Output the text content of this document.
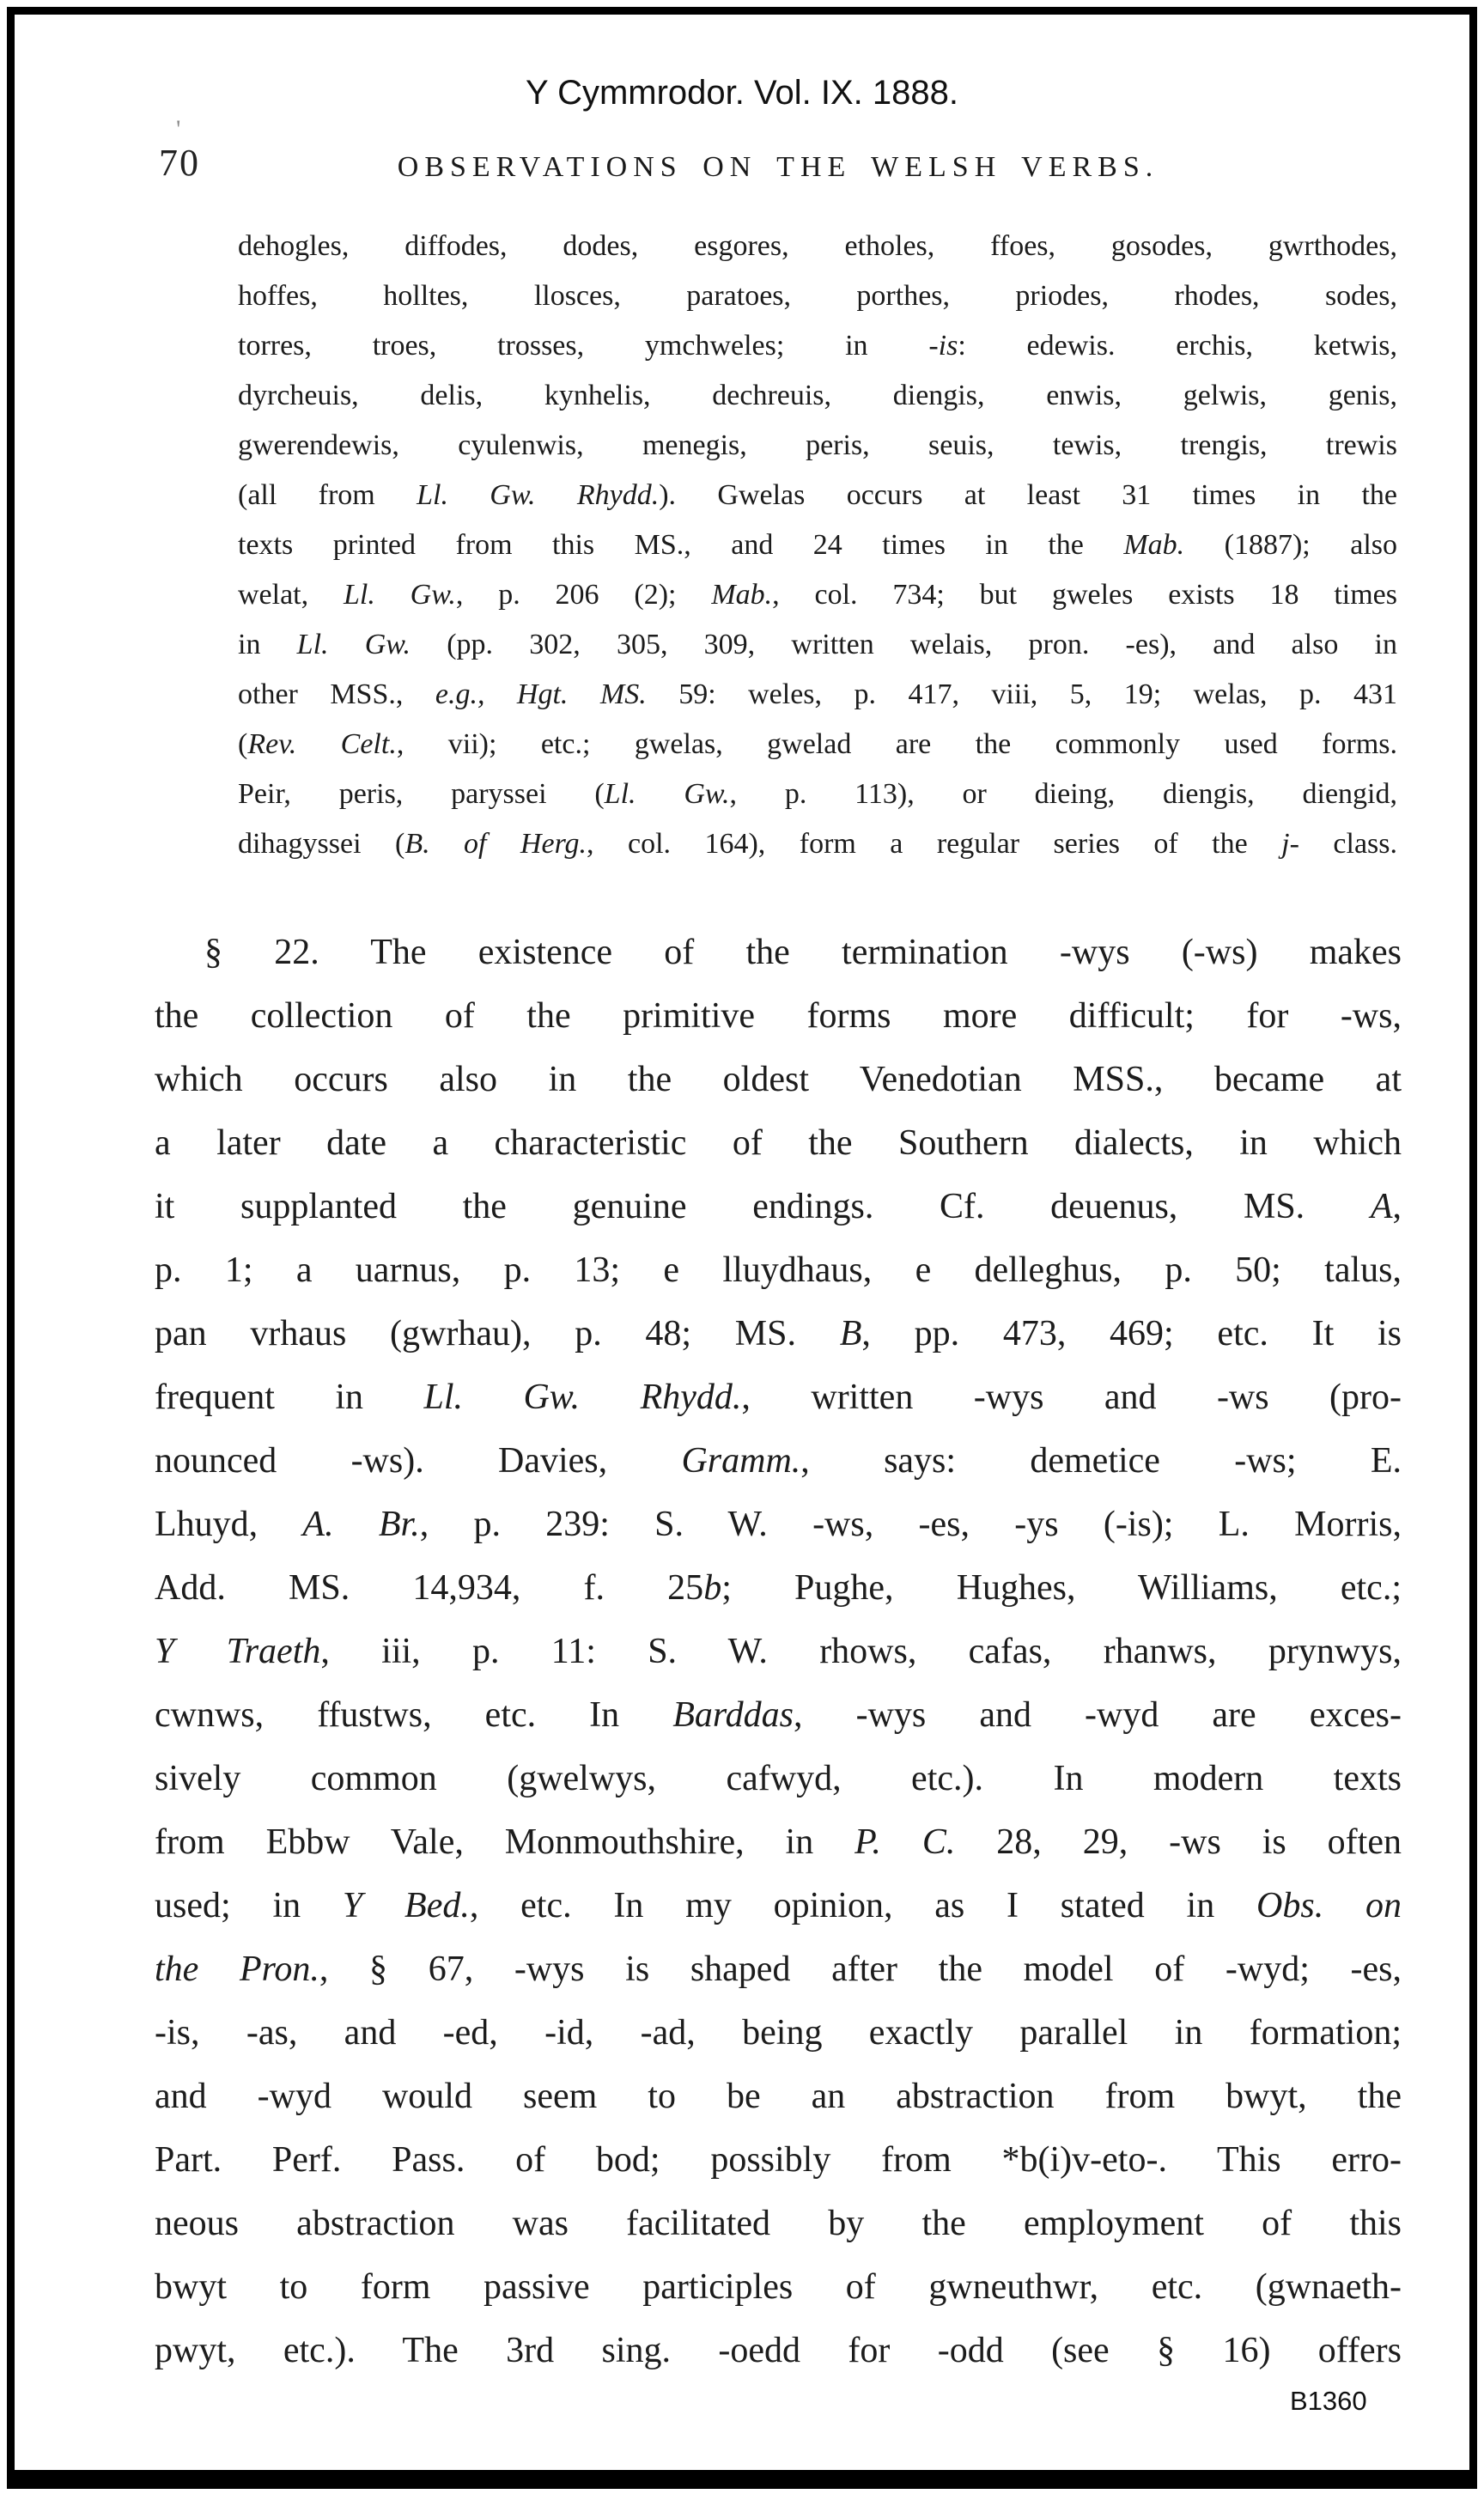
Y Cymmrodor. Vol. IX. 1888.
'
70	OBSERVATIONS ON THE WELSH VERBS.
dehogles, diffodes, dodes, esgores, etholes, ffoes, gosodes, gwrthodes,
hoffes, holltes, llosces, paratoes, porthes, priodes, rhodes, sodes,
torres, troes, trosses, ymchweles; in -is: edewis. erchis, ketwis,
dyrcheuis, delis, kynhelis, dechreuis, diengis, enwis, gelwis, genis,
gwerendewis, cyulenwis, menegis, peris, seuis, tewis, trengis, trewis
(all from Ll. Gw. Rhydd.). Gwelas occurs at least 31 times in the
texts printed from this MS., and 24 times in the Mab. (1887); also
welat, Ll. Gw., p. 206 (2); Mab., col. 734; but gweles exists 18 times
in Ll. Gw. (pp. 302, 305, 309, written welais, pron. -es), and also in
other MSS., e.g., Hgt. MS. 59: weles, p. 417, viii, 5, 19; welas, p. 431
(Rev. Celt., vii); etc.; gwelas, gwelad are the commonly used forms.
Peir, peris, paryssei (Ll. Gw., p. 113), or dieing, diengis, diengid,
dihagyssei (B. of Herg., col. 164), form a regular series of the j- class.
§ 22. The existence of the termination -wys (-ws) makes
the collection of the primitive forms more difficult; for -ws,
which occurs also in the oldest Venedotian MSS., became at
a later date a characteristic of the Southern dialects, in which
it supplanted the genuine endings. Cf. deuenus, MS. A,
p. 1; a uarnus, p. 13; e lluydhaus, e delleghus, p. 50; talus,
pan vrhaus (gwrhau), p. 48; MS. B, pp. 473, 469; etc. It is
frequent in Ll. Gw. Rhydd., written -wys and -ws (pro-
nounced -ws). Davies, Gramm., says: demetice -ws; E.
Lhuyd, A. Br., p. 239: S. W. -ws, -es, -ys (-is); L. Morris,
Add. MS. 14,934, f. 25b; Pughe, Hughes, Williams, etc.;
Y Traeth, iii, p. 11: S. W. rhows, cafas, rhanws, prynwys,
cwnws, ffustws, etc. In Barddas, -wys and -wyd are exces-
sively common (gwelwys, cafwyd, etc.). In modern texts
from Ebbw Vale, Monmouthshire, in P. C. 28, 29, -ws is often
used; in Y Bed., etc. In my opinion, as I stated in Obs. on
the Pron., § 67, -wys is shaped after the model of -wyd; -es,
-is, -as, and -ed, -id, -ad, being exactly parallel in formation;
and -wyd would seem to be an abstraction from bwyt, the
Part. Perf. Pass. of bod; possibly from *b(i)v-eto-. This erro-
neous abstraction was facilitated by the employment of this
bwyt to form passive participles of gwneuthwr, etc. (gwnaeth-
pwyt, etc.). The 3rd sing. -oedd for -odd (see § 16) offers
B1360
